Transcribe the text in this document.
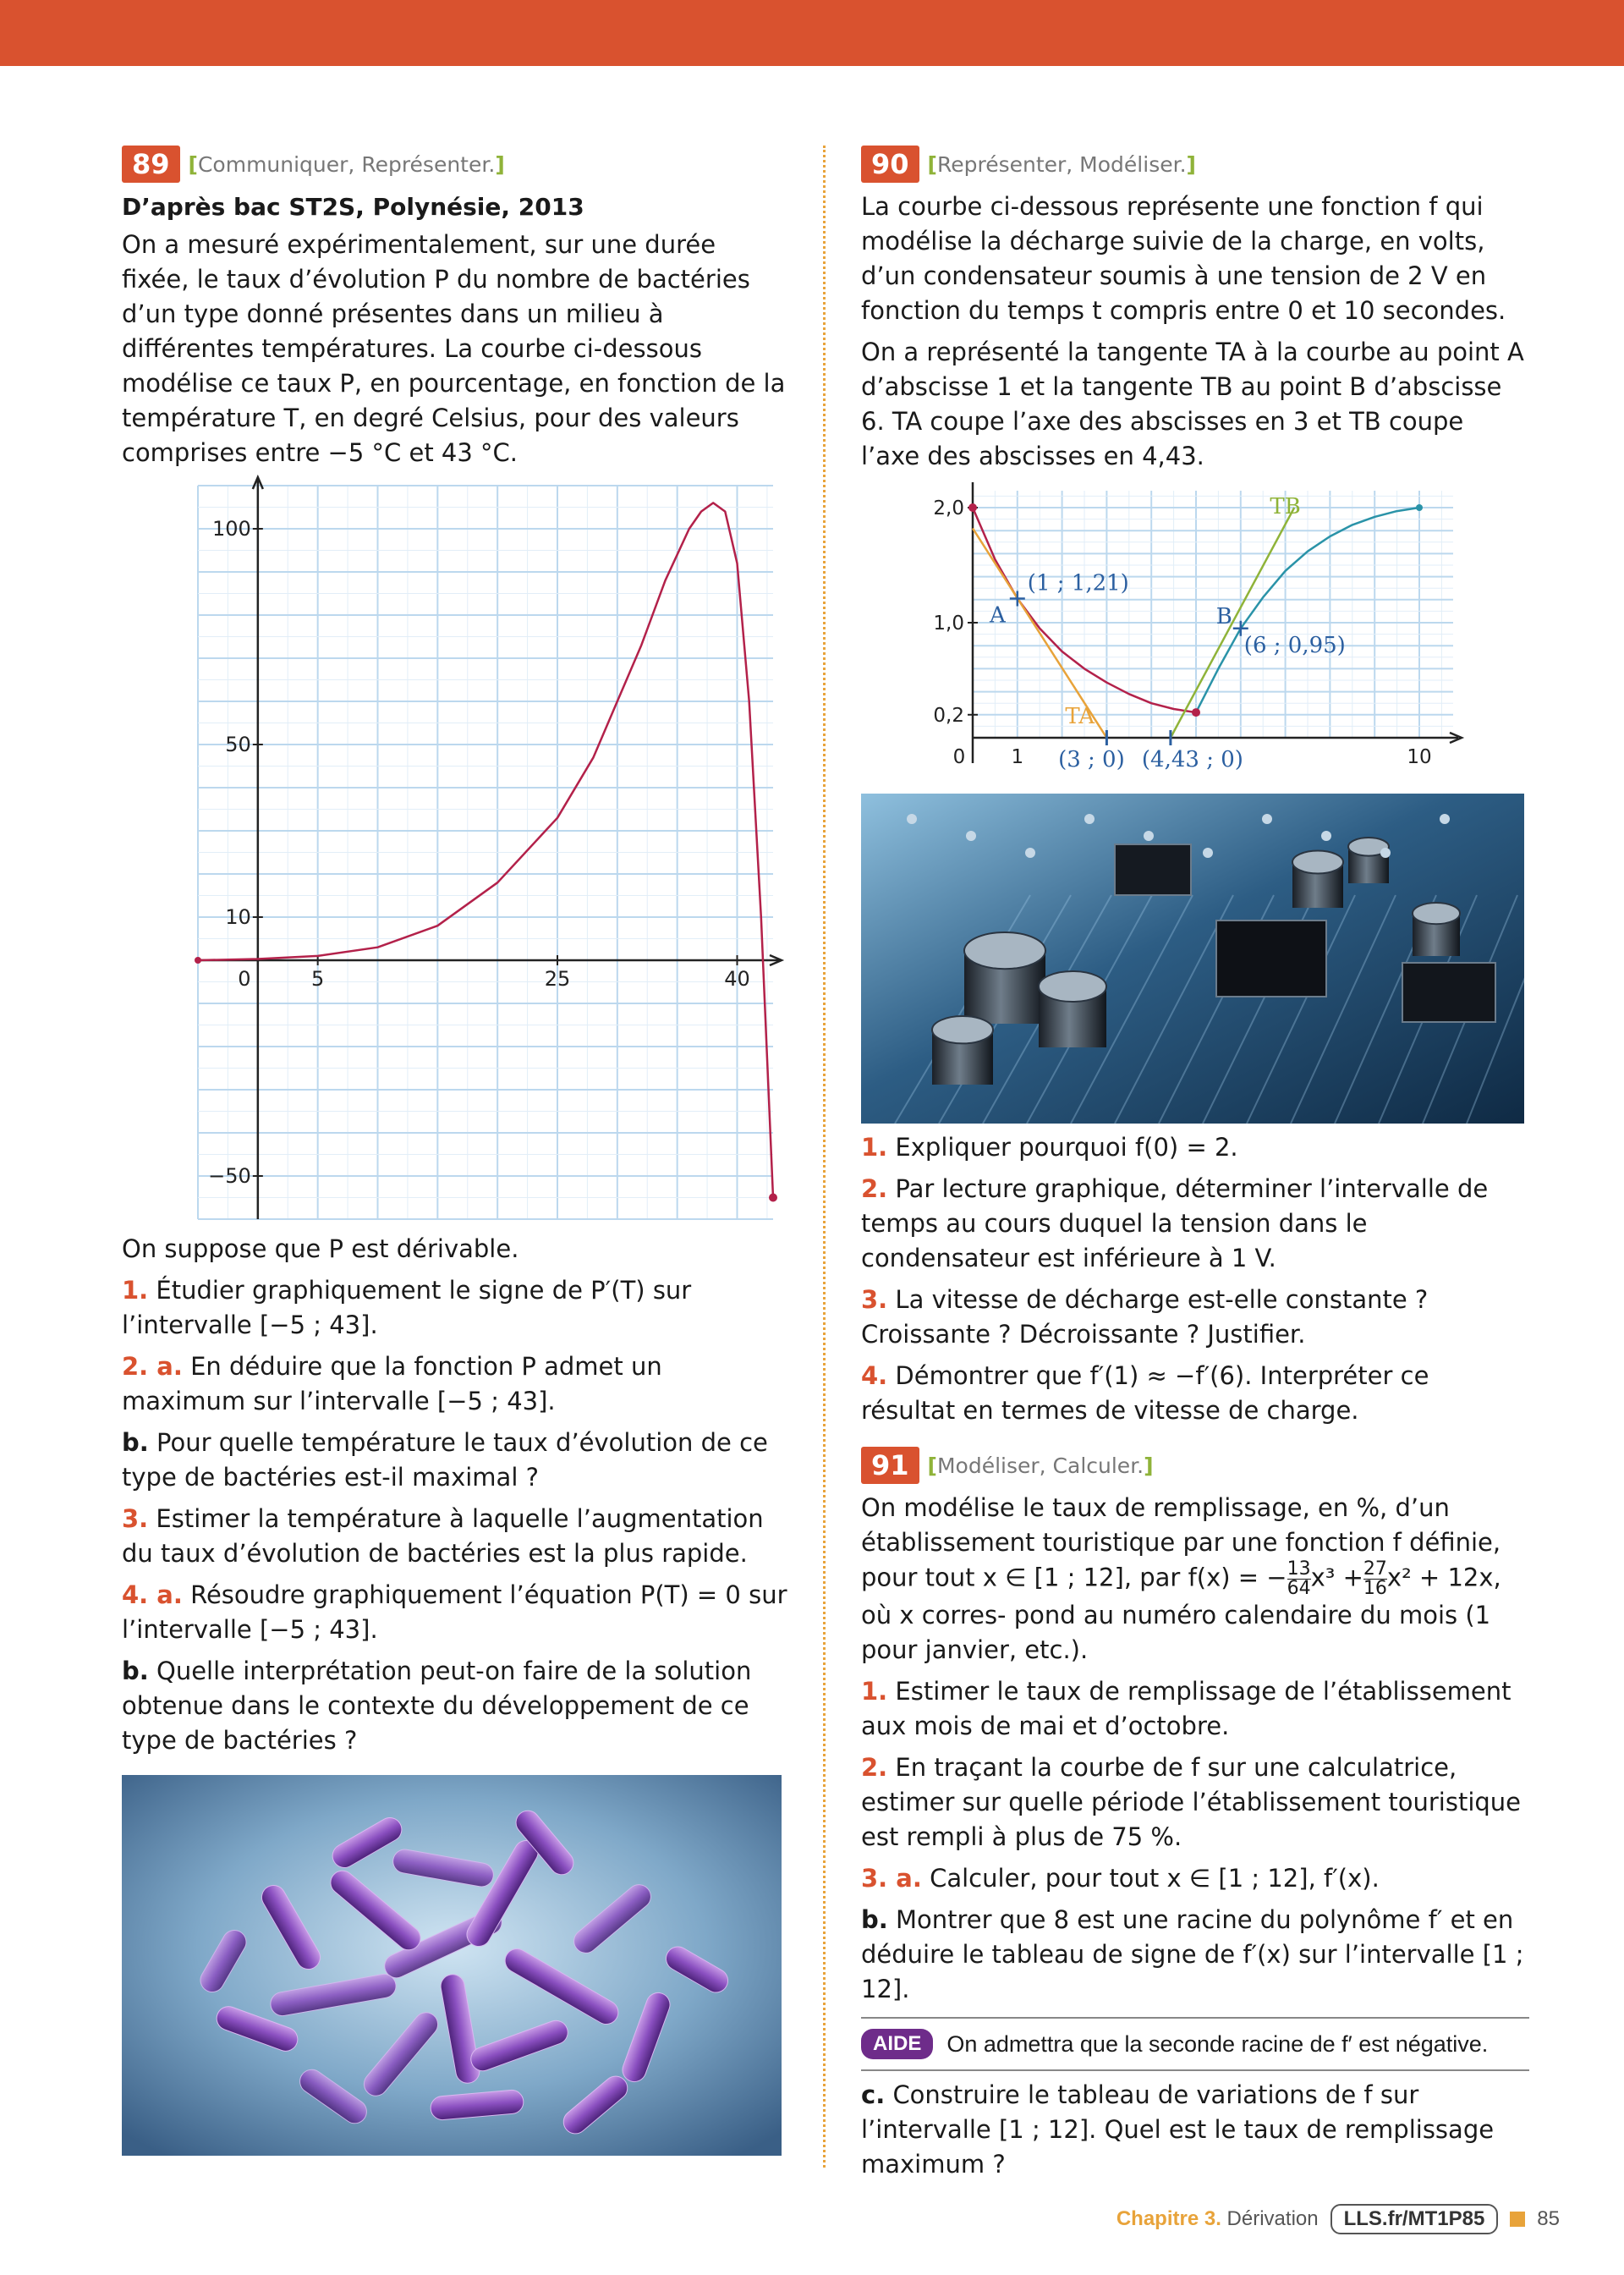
89 [Communiquer, Représenter.]
D’après bac ST2S, Polynésie, 2013

On a mesuré expérimentalement, sur une durée fixée, le taux d’évolution P du nombre de bactéries d’un type donné présentes dans un milieu à différentes températures. La courbe ci-dessous modélise ce taux P, en pourcentage, en fonction de la température T, en degré Celsius, pour des valeurs comprises entre −5 °C et 43 °C.

0	5	25	40
100
50
10
−50

On suppose que P est dérivable.

1. Étudier graphiquement le signe de P′(T) sur l’intervalle [−5 ; 43].

2. a. En déduire que la fonction P admet un maximum sur l’intervalle [−5 ; 43].

b. Pour quelle température le taux d’évolution de ce type de bactéries est-il maximal ?

3. Estimer la température à laquelle l’augmentation du taux d’évolution de bactéries est la plus rapide.

4. a. Résoudre graphiquement l’équation P(T) = 0 sur l’intervalle [−5 ; 43].

b. Quelle interprétation peut-on faire de la solution obtenue dans le contexte du développement de ce type de bactéries ?

90 [Représenter, Modéliser.]

La courbe ci-dessous représente une fonction f qui modélise la décharge suivie de la charge, en volts, d’un condensateur soumis à une tension de 2 V en fonction du temps t compris entre 0 et 10 secondes.

On a représenté la tangente TA à la courbe au point A d’abscisse 1 et la tangente TB au point B d’abscisse 6. TA coupe l’axe des abscisses en 3 et TB coupe l’axe des abscisses en 4,43.

2,0
1,0
0,2
0 1	10
(1 ; 1,21)
(6 ; 0,95)
(3 ; 0) (4,43 ; 0)
A	B
TA
TB

1. Expliquer pourquoi f(0) = 2.

2. Par lecture graphique, déterminer l’intervalle de temps au cours duquel la tension dans le condensateur est inférieure à 1 V.

3. La vitesse de décharge est-elle constante ? Croissante ? Décroissante ? Justifier.

4. Démontrer que f′(1) ≈ −f′(6). Interpréter ce résultat en termes de vitesse de charge.

91 [Modéliser, Calculer.]

On modélise le taux de remplissage, en %, d’un établissement touristique par une fonction f définie, pour tout x ∈ [1 ; 12], par f(x) = − $\frac{13}{64} x^3 + \frac{27}{16} x^2 + 12x$, où x corres- pond au numéro calendaire du mois (1 pour janvier, etc.).

1. Estimer le taux de remplissage de l’établissement aux mois de mai et d’octobre.

2. En traçant la courbe de f sur une calculatrice, estimer sur quelle période l’établissement touristique est rempli à plus de 75 %.

3. a. Calculer, pour tout x ∈ [1 ; 12], f′(x).

b. Montrer que 8 est une racine du polynôme f′ et en déduire le tableau de signe de f′(x) sur l’intervalle [1 ; 12].

AIDE	On admettra que la seconde racine de f′ est négative.

c. Construire le tableau de variations de f sur l’intervalle [1 ; 12]. Quel est le taux de remplissage maximum ?

Chapitre 3. Dérivation	LLS.fr/MT1P85	85
